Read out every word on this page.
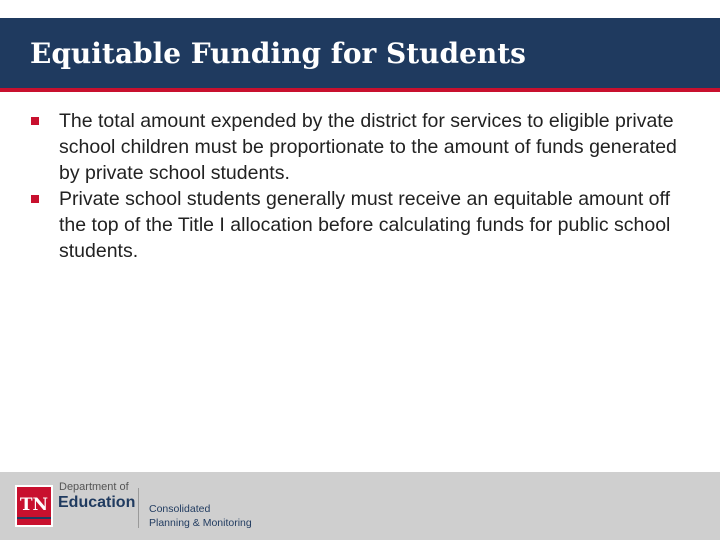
Equitable Funding for Students
The total amount expended by the district for services to eligible private school children must be proportionate to the amount of funds generated by private school students.
Private school students generally must receive an equitable amount off the top of the Title I allocation before calculating funds for public school students.
TN
Department of
Education Consolidated
Planning & Monitoring
